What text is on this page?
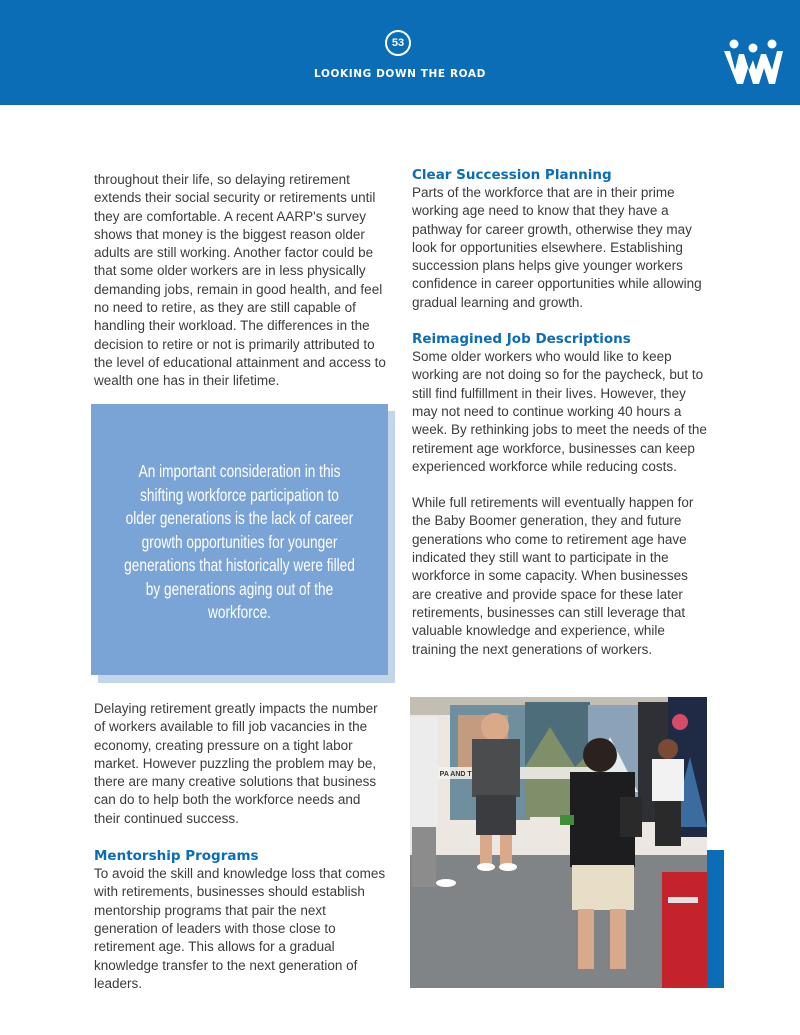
53
LOOKING DOWN THE ROAD

throughout their life, so delaying retirement extends their social security or retirements until they are comfortable. A recent AARP's survey shows that money is the biggest reason older adults are still working. Another factor could be that some older workers are in less physically demanding jobs, remain in good health, and feel no need to retire, as they are still capable of handling their workload. The differences in the decision to retire or not is primarily attributed to the level of educational attainment and access to wealth one has in their lifetime.

An important consideration in this shifting workforce participation to older generations is the lack of career growth opportunities for younger generations that historically were filled by generations aging out of the workforce.

Delaying retirement greatly impacts the number of workers available to fill job vacancies in the economy, creating pressure on a tight labor market. However puzzling the problem may be, there are many creative solutions that business can do to help both the workforce needs and their continued success.

Mentorship Programs

To avoid the skill and knowledge loss that comes with retirements, businesses should establish mentorship programs that pair the next generation of leaders with those close to retirement age. This allows for a gradual knowledge transfer to the next generation of leaders.

Clear Succession Planning

Parts of the workforce that are in their prime working age need to know that they have a pathway for career growth, otherwise they may look for opportunities elsewhere. Establishing succession plans helps give younger workers confidence in career opportunities while allowing gradual learning and growth.

Reimagined Job Descriptions

Some older workers who would like to keep working are not doing so for the paycheck, but to still find fulfillment in their lives. However, they may not need to continue working 40 hours a week. By rethinking jobs to meet the needs of the retirement age workforce, businesses can keep experienced workforce while reducing costs.

While full retirements will eventually happen for the Baby Boomer generation, they and future generations who come to retirement age have indicated they still want to participate in the workforce in some capacity. When businesses are creative and provide space for these later retirements, businesses can still leverage that valuable knowledge and experience, while training the next generations of workers.

PA AND
